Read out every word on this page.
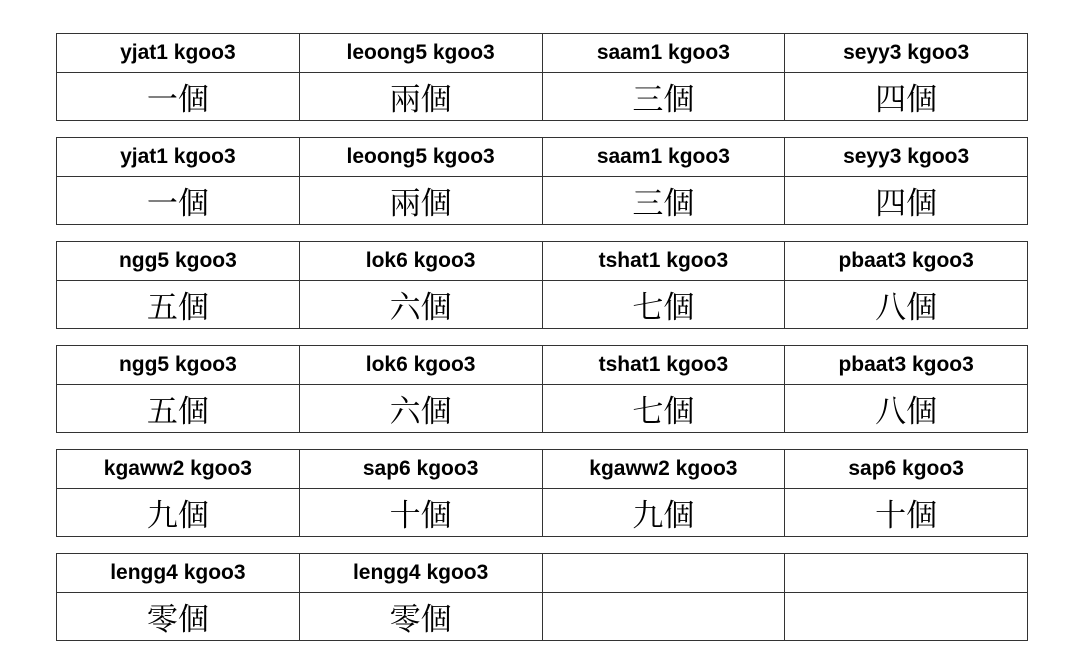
yjat1 kgoo3	leoong5 kgoo3	saam1 kgoo3	seyy3 kgoo3
一個	兩個	三個	四個
yjat1 kgoo3	leoong5 kgoo3	saam1 kgoo3	seyy3 kgoo3
一個	兩個	三個	四個
ngg5 kgoo3	lok6 kgoo3	tshat1 kgoo3	pbaat3 kgoo3
五個	六個	七個	八個
ngg5 kgoo3	lok6 kgoo3	tshat1 kgoo3	pbaat3 kgoo3
五個	六個	七個	八個
kgaww2 kgoo3	sap6 kgoo3	kgaww2 kgoo3	sap6 kgoo3
九個	十個	九個	十個
lengg4 kgoo3	lengg4 kgoo3		
零個	零個		
